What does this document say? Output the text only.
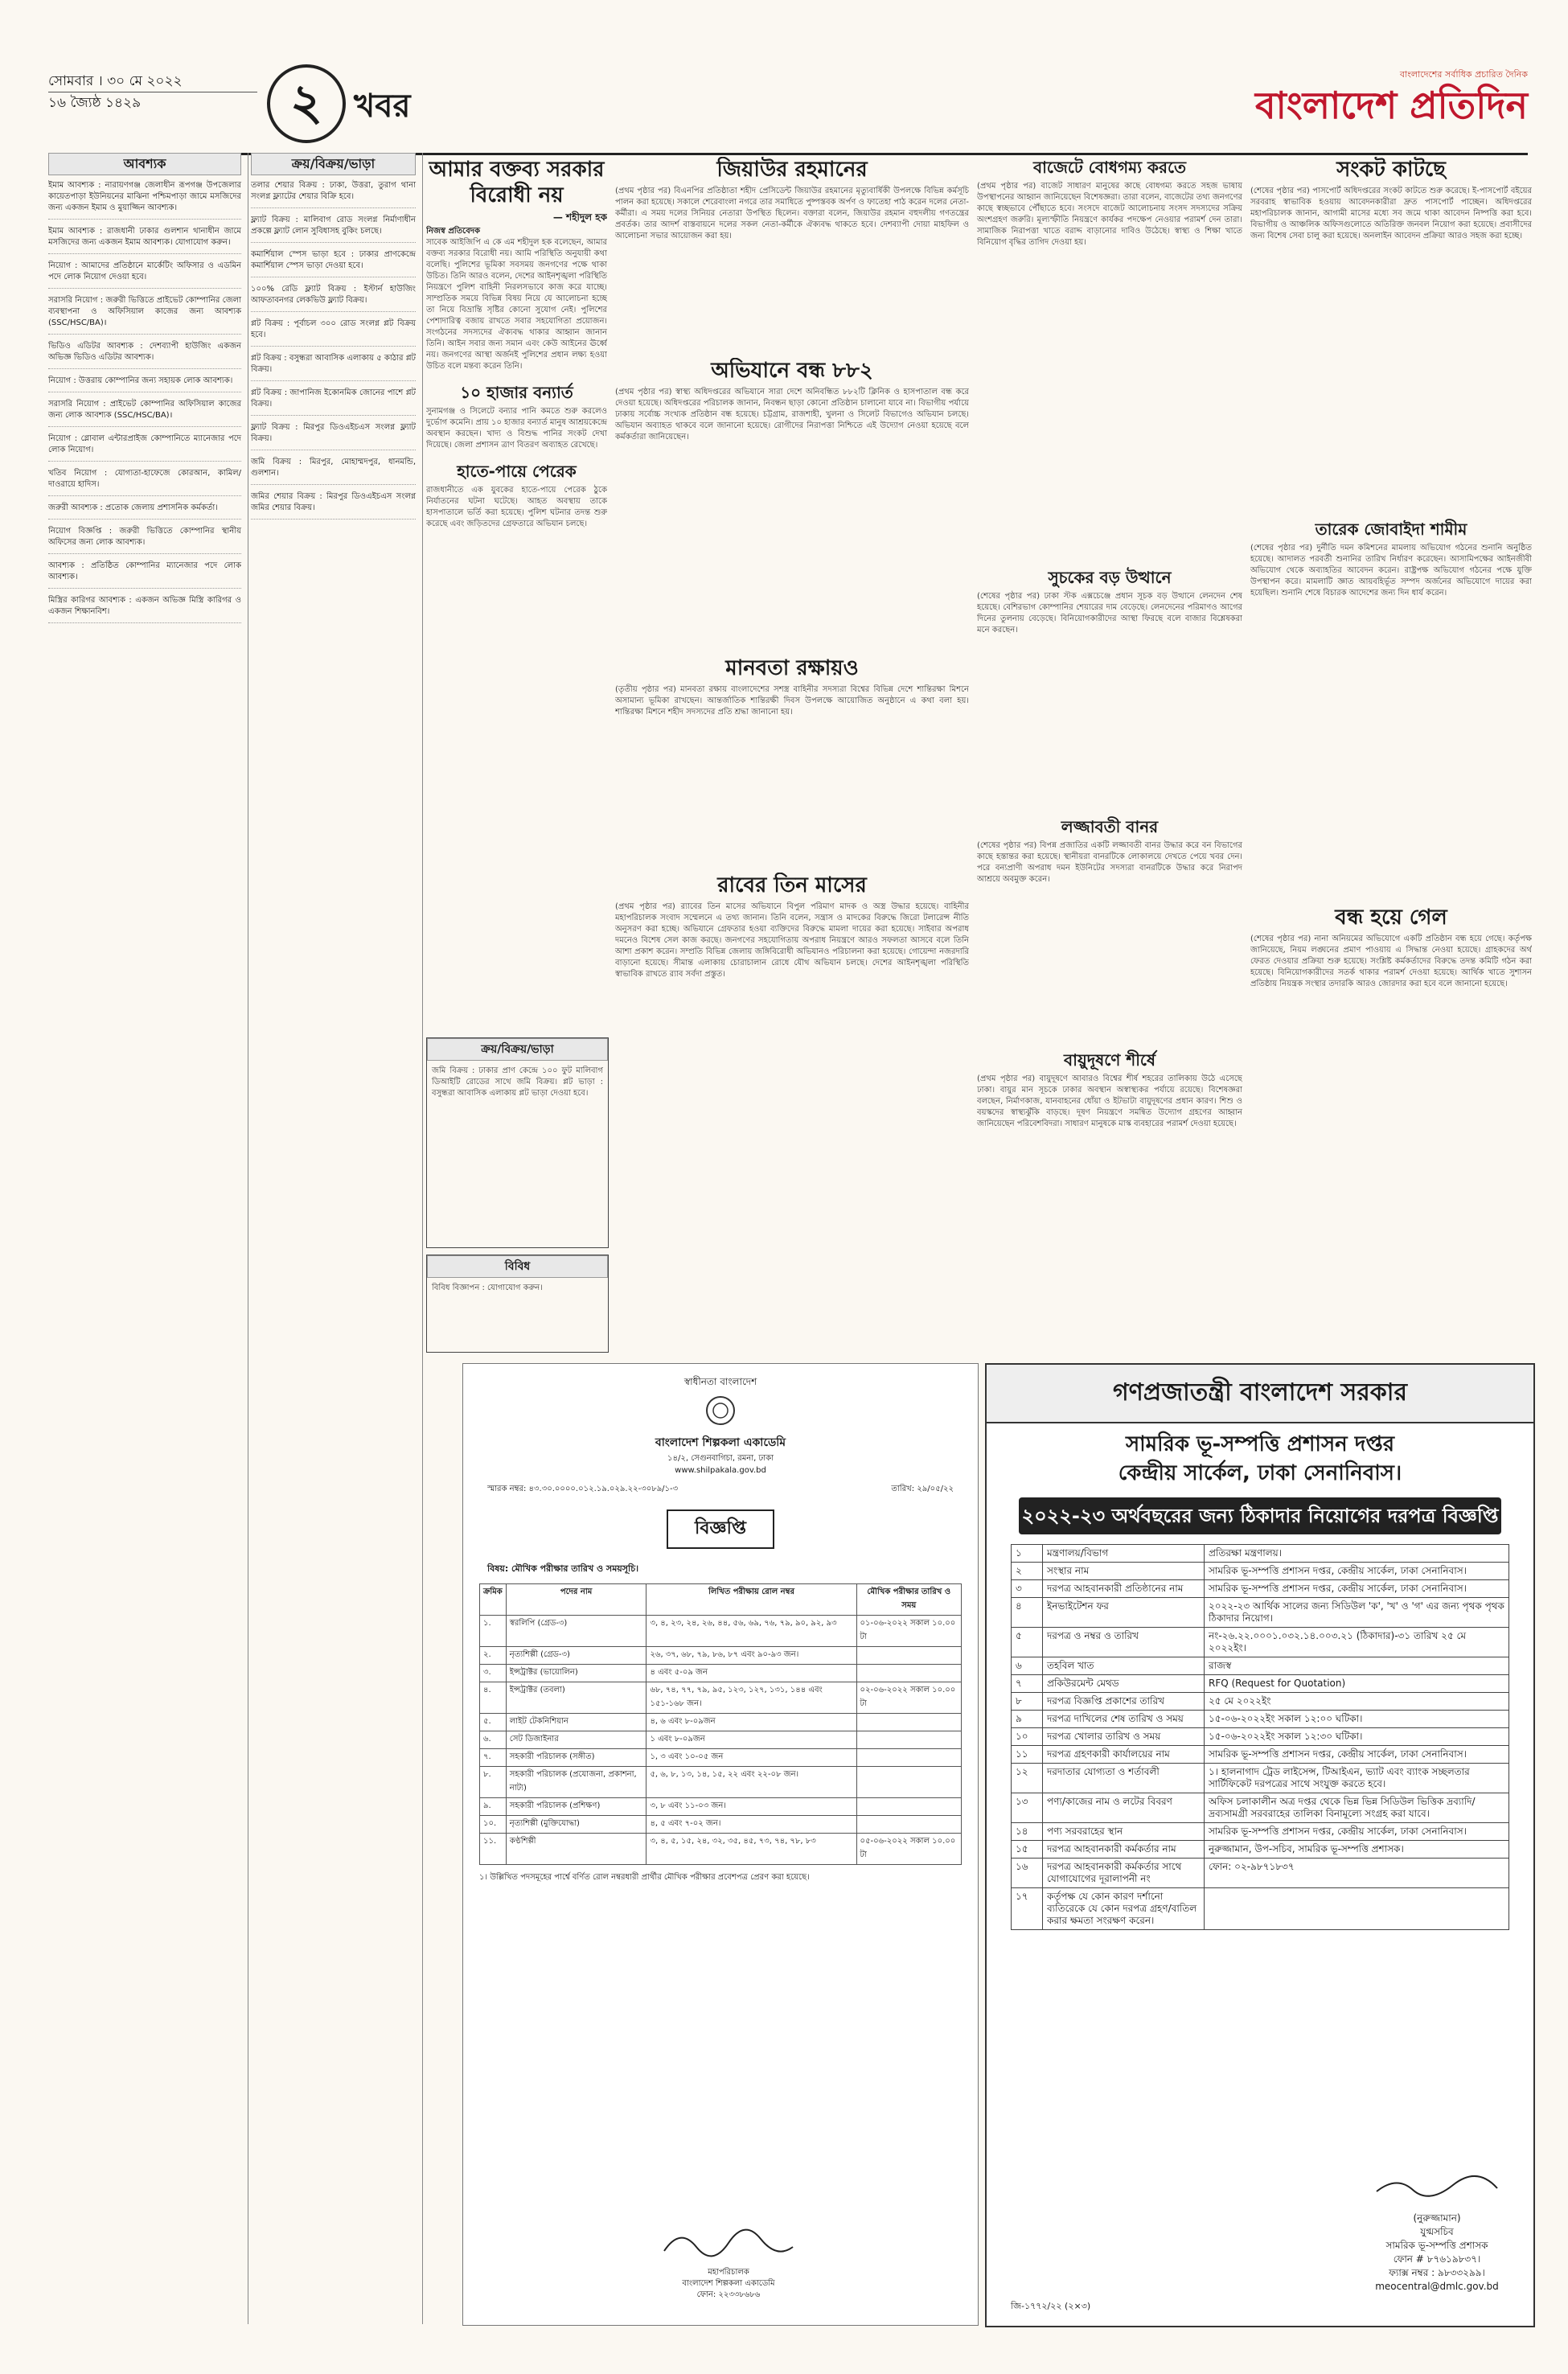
সোমবার । ৩০ মে ২০২২
১৬ জ্যৈষ্ঠ ১৪২৯	২ খবর
বাংলাদেশের সর্বাধিক প্রচারিত দৈনিক
বাংলাদেশ প্রতিদিন
আবশ্যক
ইমাম আবশ্যক : নারায়ণগঞ্জ জেলাধীন রূপগঞ্জ উপজেলার কায়েতপাড়া ইউনিয়নের মাঝিনা পশ্চিমপাড়া জামে মসজিদের জন্য একজন ইমাম ও মুয়াজ্জিন আবশ্যক।
ইমাম আবশ্যক : রাজধানী ঢাকার গুলশান থানাধীন জামে মসজিদের জন্য একজন ইমাম আবশ্যক। যোগাযোগ করুন।
নিয়োগ : আমাদের প্রতিষ্ঠানে মার্কেটিং অফিসার ও এডমিন পদে লোক নিয়োগ দেওয়া হবে।
সরাসরি নিয়োগ : জরুরী ভিত্তিতে প্রাইভেট কোম্পানির জেলা ব্যবস্থাপনা ও অফিসিয়াল কাজের জন্য আবশ্যক (SSC/HSC/BA)।
ভিডিও এডিটর আবশ্যক : দেশব্যাপী হাউজিং একজন অভিজ্ঞ ভিডিও এডিটর আবশ্যক।
নিয়োগ : উত্তরায় কোম্পানির জন্য সহায়ক লোক আবশ্যক।
সরাসরি নিয়োগ : প্রাইভেট কোম্পানির অফিসিয়াল কাজের জন্য লোক আবশ্যক (SSC/HSC/BA)।
নিয়োগ : গ্লোবাল এন্টারপ্রাইজ কোম্পানিতে ম্যানেজার পদে লোক নিয়োগ।
খতিব নিয়োগ : যোগ্যতা-হাফেজে কোরআন, কামিল/দাওরায়ে হাদিস।
জরুরী আবশ্যক : প্রতোক জেলায় প্রশাসনিক কর্মকর্তা।
নিয়োগ বিজ্ঞপ্তি : জরুরী ভিত্তিতে কোম্পানির স্থানীয় অফিসের জন্য লোক আবশ্যক।
আবশ্যক : প্রতিষ্ঠিত কোম্পানির ম্যানেজার পদে লোক আবশ্যক।
মিস্ত্রির কারিগর আবশ্যক : একজন অভিজ্ঞ মিস্ত্রি কারিগর ও একজন শিক্ষানবিশ।
ক্রয়/বিক্রয়/ভাড়া
তলার শেয়ার বিক্রয় : ঢাকা, উত্তরা, তুরাগ থানা সংলগ্ন ফ্ল্যাটের শেয়ার বিক্রি হবে।
ফ্ল্যাট বিক্রয় : মালিবাগ রোড সংলগ্ন নির্মাণাধীন প্রকল্পে ফ্ল্যাট লোন সুবিধাসহ বুকিং চলছে।
কমার্শিয়াল স্পেস ভাড়া হবে : ঢাকার প্রাণকেন্দ্রে কমার্শিয়াল স্পেস ভাড়া দেওয়া হবে।
১০০% রেডি ফ্ল্যাট বিক্রয় : ইস্টার্ন হাউজিং আফতাবনগর লেকভিউ ফ্ল্যাট বিক্রয়।
প্লট বিক্রয় : পূর্বাচল ৩০০ রোড সংলগ্ন প্লট বিক্রয় হবে।
প্লট বিক্রয় : বসুন্ধরা আবাসিক এলাকায় ৫ কাঠার প্লট বিক্রয়।
প্লট বিক্রয় : জাপানিজ ইকোনমিক জোনের পাশে প্লট বিক্রয়।
ফ্ল্যাট বিক্রয় : মিরপুর ডিওএইচএস সংলগ্ন ফ্ল্যাট বিক্রয়।
জমি বিক্রয় : মিরপুর, মোহাম্মদপুর, ধানমন্ডি, গুলশান।
জমির শেয়ার বিক্রয় : মিরপুর ডিওএইচএস সংলগ্ন জমির শেয়ার বিক্রয়।
আমার বক্তব্য সরকার বিরোধী নয়
— শহীদুল হক
নিজস্ব প্রতিবেদক
সাবেক আইজিপি এ কে এম শহীদুল হক বলেছেন, আমার বক্তব্য সরকার বিরোধী নয়। আমি পরিস্থিতি অনুযায়ী কথা বলেছি। পুলিশের ভূমিকা সবসময় জনগণের পক্ষে থাকা উচিত। তিনি আরও বলেন, দেশের আইনশৃঙ্খলা পরিস্থিতি নিয়ন্ত্রণে পুলিশ বাহিনী নিরলসভাবে কাজ করে যাচ্ছে। সাম্প্রতিক সময়ে বিভিন্ন বিষয় নিয়ে যে আলোচনা হচ্ছে তা নিয়ে বিভ্রান্তি সৃষ্টির কোনো সুযোগ নেই। পুলিশের পেশাদারিত্ব বজায় রাখতে সবার সহযোগিতা প্রয়োজন। সংগঠনের সদস্যদের ঐক্যবদ্ধ থাকার আহ্বান জানান তিনি। আইন সবার জন্য সমান এবং কেউ আইনের ঊর্ধ্বে নয়। জনগণের আস্থা অর্জনই পুলিশের প্রধান লক্ষ্য হওয়া উচিত বলে মন্তব্য করেন তিনি।
১০ হাজার বন্যার্ত
সুনামগঞ্জ ও সিলেটে বন্যার পানি কমতে শুরু করলেও দুর্ভোগ কমেনি। প্রায় ১০ হাজার বন্যার্ত মানুষ আশ্রয়কেন্দ্রে অবস্থান করছেন। খাদ্য ও বিশুদ্ধ পানির সংকট দেখা দিয়েছে। জেলা প্রশাসন ত্রাণ বিতরণ অব্যাহত রেখেছে।
হাতে-পায়ে পেরেক
রাজধানীতে এক যুবকের হাতে-পায়ে পেরেক ঠুকে নির্যাতনের ঘটনা ঘটেছে। আহত অবস্থায় তাকে হাসপাতালে ভর্তি করা হয়েছে। পুলিশ ঘটনার তদন্ত শুরু করেছে এবং জড়িতদের গ্রেফতারে অভিযান চলছে।
ক্রয়/বিক্রয়/ভাড়া
জমি বিক্রয় : ঢাকার প্রাণ কেন্দ্রে ১০০ ফুট মালিবাগ ডিআইটি রোডের সাথে জমি বিক্রয়। প্লট ভাড়া : বসুন্ধরা আবাসিক এলাকায় প্লট ভাড়া দেওয়া হবে।
বিবিধ
বিবিধ বিজ্ঞাপন : যোগাযোগ করুন।
জিয়াউর রহমানের
(প্রথম পৃষ্ঠার পর) বিএনপির প্রতিষ্ঠাতা শহীদ প্রেসিডেন্ট জিয়াউর রহমানের মৃত্যুবার্ষিকী উপলক্ষে বিভিন্ন কর্মসূচি পালন করা হয়েছে। সকালে শেরেবাংলা নগরে তার সমাধিতে পুষ্পস্তবক অর্পণ ও ফাতেহা পাঠ করেন দলের নেতা-কর্মীরা। এ সময় দলের সিনিয়র নেতারা উপস্থিত ছিলেন। বক্তারা বলেন, জিয়াউর রহমান বহুদলীয় গণতন্ত্রের প্রবর্তক। তার আদর্শ বাস্তবায়নে দলের সকল নেতা-কর্মীকে ঐক্যবদ্ধ থাকতে হবে। দেশব্যাপী দোয়া মাহফিল ও আলোচনা সভার আয়োজন করা হয়।
অভিযানে বন্ধ ৮৮২
(প্রথম পৃষ্ঠার পর) স্বাস্থ্য অধিদপ্তরের অভিযানে সারা দেশে অনিবন্ধিত ৮৮২টি ক্লিনিক ও হাসপাতাল বন্ধ করে দেওয়া হয়েছে। অধিদপ্তরের পরিচালক জানান, নিবন্ধন ছাড়া কোনো প্রতিষ্ঠান চালানো যাবে না। বিভাগীয় পর্যায়ে ঢাকায় সর্বোচ্চ সংখ্যক প্রতিষ্ঠান বন্ধ হয়েছে। চট্টগ্রাম, রাজশাহী, খুলনা ও সিলেট বিভাগেও অভিযান চলছে। অভিযান অব্যাহত থাকবে বলে জানানো হয়েছে। রোগীদের নিরাপত্তা নিশ্চিতে এই উদ্যোগ নেওয়া হয়েছে বলে কর্মকর্তারা জানিয়েছেন।
মানবতা রক্ষায়ও
(তৃতীয় পৃষ্ঠার পর) মানবতা রক্ষায় বাংলাদেশের সশস্ত্র বাহিনীর সদস্যরা বিশ্বের বিভিন্ন দেশে শান্তিরক্ষা মিশনে অসামান্য ভূমিকা রাখছেন। আন্তর্জাতিক শান্তিরক্ষী দিবস উপলক্ষে আয়োজিত অনুষ্ঠানে এ কথা বলা হয়। শান্তিরক্ষা মিশনে শহীদ সদস্যদের প্রতি শ্রদ্ধা জানানো হয়।
রাবের তিন মাসের
(প্রথম পৃষ্ঠার পর) র‍্যাবের তিন মাসের অভিযানে বিপুল পরিমাণ মাদক ও অস্ত্র উদ্ধার হয়েছে। বাহিনীর মহাপরিচালক সংবাদ সম্মেলনে এ তথ্য জানান। তিনি বলেন, সন্ত্রাস ও মাদকের বিরুদ্ধে জিরো টলারেন্স নীতি অনুসরণ করা হচ্ছে। অভিযানে গ্রেফতার হওয়া ব্যক্তিদের বিরুদ্ধে মামলা দায়ের করা হয়েছে। সাইবার অপরাধ দমনেও বিশেষ সেল কাজ করছে। জনগণের সহযোগিতায় অপরাধ নিয়ন্ত্রণে আরও সফলতা আসবে বলে তিনি আশা প্রকাশ করেন। সম্প্রতি বিভিন্ন জেলায় জঙ্গিবিরোধী অভিযানও পরিচালনা করা হয়েছে। গোয়েন্দা নজরদারি বাড়ানো হয়েছে। সীমান্ত এলাকায় চোরাচালান রোধে যৌথ অভিযান চলছে। দেশের আইনশৃঙ্খলা পরিস্থিতি স্বাভাবিক রাখতে র‍্যাব সর্বদা প্রস্তুত।
বাজেটে বোধগম্য করতে
(প্রথম পৃষ্ঠার পর) বাজেট সাধারণ মানুষের কাছে বোধগম্য করতে সহজ ভাষায় উপস্থাপনের আহ্বান জানিয়েছেন বিশেষজ্ঞরা। তারা বলেন, বাজেটের তথ্য জনগণের কাছে স্বচ্ছভাবে পৌঁছাতে হবে। সংসদে বাজেট আলোচনায় সংসদ সদস্যদের সক্রিয় অংশগ্রহণ জরুরি। মূল্যস্ফীতি নিয়ন্ত্রণে কার্যকর পদক্ষেপ নেওয়ার পরামর্শ দেন তারা। সামাজিক নিরাপত্তা খাতে বরাদ্দ বাড়ানোর দাবিও উঠেছে। স্বাস্থ্য ও শিক্ষা খাতে বিনিয়োগ বৃদ্ধির তাগিদ দেওয়া হয়।
সুচকের বড় উত্থানে
(শেষের পৃষ্ঠার পর) ঢাকা স্টক এক্সচেঞ্জে প্রধান সূচক বড় উত্থানে লেনদেন শেষ হয়েছে। বেশিরভাগ কোম্পানির শেয়ারের দাম বেড়েছে। লেনদেনের পরিমাণও আগের দিনের তুলনায় বেড়েছে। বিনিয়োগকারীদের আস্থা ফিরছে বলে বাজার বিশ্লেষকরা মনে করছেন।
লজ্জাবতী বানর
(শেষের পৃষ্ঠার পর) বিপন্ন প্রজাতির একটি লজ্জাবতী বানর উদ্ধার করে বন বিভাগের কাছে হস্তান্তর করা হয়েছে। স্থানীয়রা বানরটিকে লোকালয়ে দেখতে পেয়ে খবর দেন। পরে বন্যপ্রাণী অপরাধ দমন ইউনিটের সদস্যরা বানরটিকে উদ্ধার করে নিরাপদ আশ্রয়ে অবমুক্ত করেন।
বায়ুদূষণে শীর্ষে
(প্রথম পৃষ্ঠার পর) বায়ুদূষণে আবারও বিশ্বের শীর্ষ শহরের তালিকায় উঠে এসেছে ঢাকা। বায়ুর মান সূচকে ঢাকার অবস্থান অস্বাস্থ্যকর পর্যায়ে রয়েছে। বিশেষজ্ঞরা বলছেন, নির্মাণকাজ, যানবাহনের ধোঁয়া ও ইটভাটা বায়ুদূষণের প্রধান কারণ। শিশু ও বয়স্কদের স্বাস্থ্যঝুঁকি বাড়ছে। দূষণ নিয়ন্ত্রণে সমন্বিত উদ্যোগ গ্রহণের আহ্বান জানিয়েছেন পরিবেশবিদরা। সাধারণ মানুষকে মাস্ক ব্যবহারের পরামর্শ দেওয়া হয়েছে।
সংকট কাটছে
(শেষের পৃষ্ঠার পর) পাসপোর্ট অধিদপ্তরের সংকট কাটতে শুরু করেছে। ই-পাসপোর্ট বইয়ের সরবরাহ স্বাভাবিক হওয়ায় আবেদনকারীরা দ্রুত পাসপোর্ট পাচ্ছেন। অধিদপ্তরের মহাপরিচালক জানান, আগামী মাসের মধ্যে সব জমে থাকা আবেদন নিষ্পত্তি করা হবে। বিভাগীয় ও আঞ্চলিক অফিসগুলোতে অতিরিক্ত জনবল নিয়োগ করা হয়েছে। প্রবাসীদের জন্য বিশেষ সেবা চালু করা হয়েছে। অনলাইন আবেদন প্রক্রিয়া আরও সহজ করা হচ্ছে।
তারেক জোবাইদা শামীম
(শেষের পৃষ্ঠার পর) দুর্নীতি দমন কমিশনের মামলায় অভিযোগ গঠনের শুনানি অনুষ্ঠিত হয়েছে। আদালত পরবর্তী শুনানির তারিখ নির্ধারণ করেছেন। আসামিপক্ষের আইনজীবী অভিযোগ থেকে অব্যাহতির আবেদন করেন। রাষ্ট্রপক্ষ অভিযোগ গঠনের পক্ষে যুক্তি উপস্থাপন করে। মামলাটি জ্ঞাত আয়বহির্ভূত সম্পদ অর্জনের অভিযোগে দায়ের করা হয়েছিল। শুনানি শেষে বিচারক আদেশের জন্য দিন ধার্য করেন।
বন্ধ হয়ে গেল
(শেষের পৃষ্ঠার পর) নানা অনিয়মের অভিযোগে একটি প্রতিষ্ঠান বন্ধ হয়ে গেছে। কর্তৃপক্ষ জানিয়েছে, নিয়ম লঙ্ঘনের প্রমাণ পাওয়ায় এ সিদ্ধান্ত নেওয়া হয়েছে। গ্রাহকদের অর্থ ফেরত দেওয়ার প্রক্রিয়া শুরু হয়েছে। সংশ্লিষ্ট কর্মকর্তাদের বিরুদ্ধে তদন্ত কমিটি গঠন করা হয়েছে। বিনিয়োগকারীদের সতর্ক থাকার পরামর্শ দেওয়া হয়েছে। আর্থিক খাতে সুশাসন প্রতিষ্ঠায় নিয়ন্ত্রক সংস্থার তদারকি আরও জোরদার করা হবে বলে জানানো হয়েছে।
স্বাধীনতা বাংলাদেশ
বাংলাদেশ শিল্পকলা একাডেমি
১৪/২, সেগুনবাগিচা, রমনা, ঢাকা
www.shilpakala.gov.bd
স্মারক নম্বর: ৪৩.৩০.০০০০.০১২.১৯.০২৯.২২-৩০৮৯/১-৩	তারিখ: ২৯/০৫/২২
বিজ্ঞপ্তি
বিষয়: মৌখিক পরীক্ষার তারিখ ও সময়সূচি।
ক্রমিক	পদের নাম	লিখিত পরীক্ষায় রোল নম্বর	মৌখিক পরীক্ষার তারিখ ও সময়
১.	স্বরলিপি (গ্রেড-৩)	৩, ৪, ২৩, ২৪, ২৬, ৪৪, ৫৬, ৬৯, ৭৬, ৭৯, ৯০, ৯২, ৯৩	০১-০৬-২০২২ সকাল ১০.০০ টা
২.	নৃত্যশিল্পী (গ্রেড-৩)	২৬, ৩৭, ৬৮, ৭৯, ৮৬, ৮৭ এবং ৯০-৯৩ জন।	
৩.	ইন্সট্রাক্টর (ভায়োলিন)	৪ এবং ৫-০৯ জন	
৪.	ইন্সট্রাক্টর (তবলা)	৬৮, ৭৪, ৭৭, ৭৯, ৯৫, ১২৩, ১২৭, ১৩১, ১৪৪ এবং ১৫১-১৬৮ জন।	০২-০৬-২০২২ সকাল ১০.০০ টা
৫.	লাইট টেকনিশিয়ান	৪, ৬ এবং ৮-০৯জন	
৬.	সেট ডিজাইনার	১ এবং ৮-০৯জন	
৭.	সহকারী পরিচালক (সঙ্গীত)	১, ৩ এবং ১০-০৫ জন	
৮.	সহকারী পরিচালক (প্রযোজনা, প্রকাশনা, নাট্য)	৫, ৬, ৮, ১৩, ১৪, ১৫, ২২ এবং ২২-০৮ জন।	
৯.	সহকারী পরিচালক (প্রশিক্ষণ)	৩, ৮ এবং ১১-০৩ জন।	
১০.	নৃত্যশিল্পী (মুক্তিযোদ্ধা)	৪, ৫ এবং ৭-০২ জন।	
১১.	কণ্ঠশিল্পী	৩, ৪, ৫, ১৫, ২৪, ৩২, ৩৫, ৪৫, ৭৩, ৭৪, ৭৮, ৮৩	০৫-০৬-২০২২ সকাল ১০.০০ টা
১। উল্লিখিত পদসমূহের পার্শ্বে বর্ণিত রোল নম্বরধারী প্রার্থীর মৌখিক পরীক্ষার প্রবেশপত্র প্রেরণ করা হয়েছে।
মহাপরিচালক
বাংলাদেশ শিল্পকলা একাডেমি
ফোন: ২২৩৩৮৬৮৬
গণপ্রজাতন্ত্রী বাংলাদেশ সরকার
সামরিক ভূ-সম্পত্তি প্রশাসন দপ্তর
কেন্দ্রীয় সার্কেল, ঢাকা সেনানিবাস।
২০২২-২৩ অর্থবছরের জন্য ঠিকাদার নিয়োগের দরপত্র বিজ্ঞপ্তি
১	মন্ত্রণালয়/বিভাগ	প্রতিরক্ষা মন্ত্রণালয়।
২	সংস্থার নাম	সামরিক ভূ-সম্পত্তি প্রশাসন দপ্তর, কেন্দ্রীয় সার্কেল, ঢাকা সেনানিবাস।
৩	দরপত্র আহবানকারী প্রতিষ্ঠানের নাম	সামরিক ভূ-সম্পত্তি প্রশাসন দপ্তর, কেন্দ্রীয় সার্কেল, ঢাকা সেনানিবাস।
৪	ইনভাইটেশন ফর	২০২২-২৩ আর্থিক সালের জন্য সিডিউল 'ক', 'খ' ও 'গ' এর জন্য পৃথক পৃথক ঠিকাদার নিয়োগ।
৫	দরপত্র ও নম্বর ও তারিখ	নং-২৬.২২.০০০১.০৩২.১৪.০০৩.২১ (ঠিকাদার)-৩১ তারিখ ২৫ মে ২০২২ইং।
৬	তহবিল খাত	রাজস্ব
৭	প্রকিউরমেন্ট মেথড	RFQ (Request for Quotation)
৮	দরপত্র বিজ্ঞপ্তি প্রকাশের তারিখ	২৫ মে ২০২২ইং
৯	দরপত্র দাখিলের শেষ তারিখ ও সময়	১৫-০৬-২০২২ইং সকাল ১২:০০ ঘটিকা।
১০	দরপত্র খোলার তারিখ ও সময়	১৫-০৬-২০২২ইং সকাল ১২:৩০ ঘটিকা।
১১	দরপত্র গ্রহণকারী কার্যালয়ের নাম	সামরিক ভূ-সম্পত্তি প্রশাসন দপ্তর, কেন্দ্রীয় সার্কেল, ঢাকা সেনানিবাস।
১২	দরদাতার যোগ্যতা ও শর্তাবলী	১। হালনাগাদ ট্রেড লাইসেন্স, টিআইএন, ভ্যাট এবং ব্যাংক সচ্ছলতার সার্টিফিকেট দরপত্রের সাথে সংযুক্ত করতে হবে।
১৩	পণ্য/কাজের নাম ও লটের বিবরণ	অফিস চলাকালীন অত্র দপ্তর থেকে ভিন্ন ভিন্ন সিডিউল ভিত্তিক দ্রব্যাদি/দ্রব্যসামগ্রী সরবরাহের তালিকা বিনামূল্যে সংগ্রহ করা যাবে।
১৪	পণ্য সরবরাহের স্থান	সামরিক ভূ-সম্পত্তি প্রশাসন দপ্তর, কেন্দ্রীয় সার্কেল, ঢাকা সেনানিবাস।
১৫	দরপত্র আহবানকারী কর্মকর্তার নাম	নুরুজ্জামান, উপ-সচিব, সামরিক ভূ-সম্পত্তি প্রশাসক।
১৬	দরপত্র আহবানকারী কর্মকর্তার সাথে যোগাযোগের দূরালাপনী নং	ফোন: ০২-৯৮৭১৮৩৭
১৭	কর্তৃপক্ষ যে কোন কারণ দর্শানো ব্যতিরেকে যে কোন দরপত্র গ্রহণ/বাতিল করার ক্ষমতা সংরক্ষণ করেন।	
(নুরুজ্জামান)
যুগ্মসচিব
সামরিক ভূ-সম্পত্তি প্রশাসক
ফোন # ৮৭৬১৯৮৩৭।
ফ্যাক্স নম্বর : ৯৮৩৩২৯৯।
meocentral@dmlc.gov.bd
জি-১৭৭২/২২ (২×৩)
